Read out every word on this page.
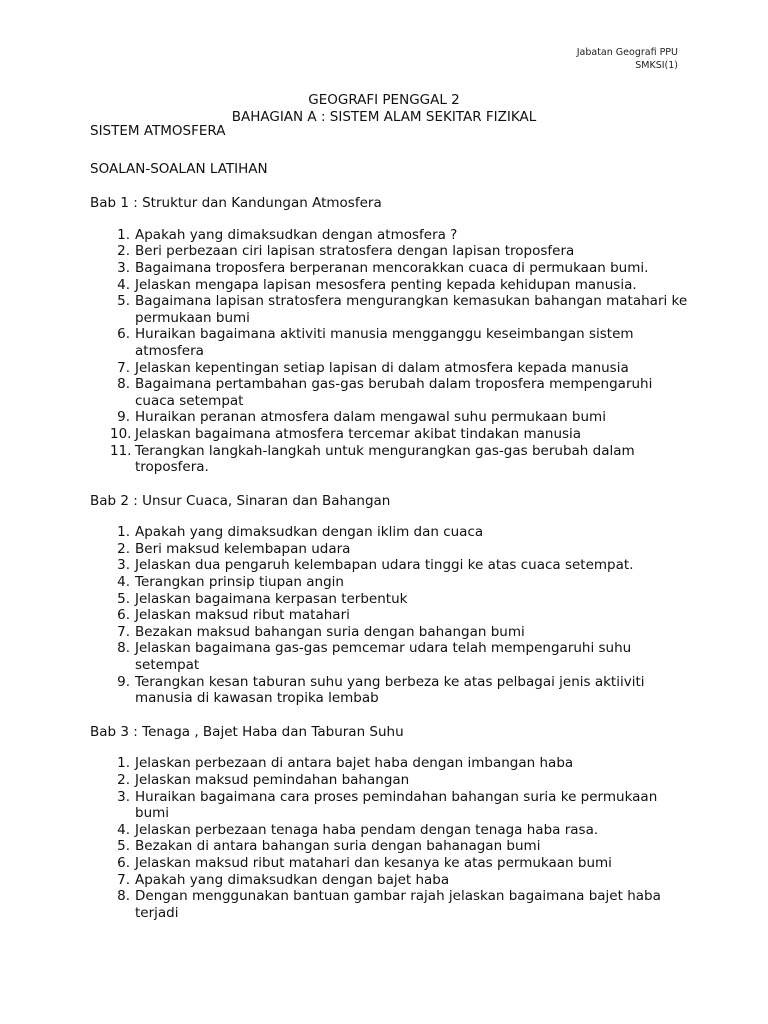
Jabatan Geografi PPU
SMKSI(1)
GEOGRAFI PENGGAL 2
BAHAGIAN A : SISTEM ALAM SEKITAR FIZIKAL
SISTEM ATMOSFERA
SOALAN-SOALAN LATIHAN
Bab 1 : Struktur dan Kandungan Atmosfera
1. Apakah yang dimaksudkan dengan atmosfera ?
2. Beri perbezaan ciri lapisan stratosfera dengan lapisan troposfera
3. Bagaimana troposfera berperanan mencorakkan cuaca di permukaan bumi.
4. Jelaskan mengapa lapisan mesosfera penting kepada kehidupan manusia.
5. Bagaimana lapisan stratosfera mengurangkan kemasukan bahangan matahari ke permukaan bumi
6. Huraikan bagaimana aktiviti manusia mengganggu keseimbangan sistem atmosfera
7. Jelaskan kepentingan setiap lapisan di dalam atmosfera kepada manusia
8. Bagaimana pertambahan gas-gas berubah dalam troposfera mempengaruhi cuaca setempat
9. Huraikan peranan atmosfera dalam mengawal suhu permukaan bumi
10. Jelaskan bagaimana atmosfera tercemar akibat tindakan manusia
11. Terangkan langkah-langkah untuk mengurangkan gas-gas berubah dalam troposfera.
Bab 2 : Unsur Cuaca, Sinaran dan Bahangan
1. Apakah yang dimaksudkan dengan iklim dan cuaca
2. Beri maksud kelembapan udara
3. Jelaskan dua pengaruh kelembapan udara tinggi ke atas cuaca setempat.
4. Terangkan prinsip tiupan angin
5. Jelaskan bagaimana kerpasan terbentuk
6. Jelaskan maksud ribut matahari
7. Bezakan maksud bahangan suria dengan bahangan bumi
8. Jelaskan bagaimana gas-gas pemcemar udara telah mempengaruhi suhu setempat
9. Terangkan kesan taburan suhu yang berbeza ke atas pelbagai jenis aktiiviti manusia di kawasan tropika lembab
Bab 3 : Tenaga , Bajet Haba dan Taburan Suhu
1. Jelaskan perbezaan di antara bajet haba dengan imbangan haba
2. Jelaskan maksud pemindahan bahangan
3. Huraikan bagaimana cara proses pemindahan bahangan suria ke permukaan bumi
4. Jelaskan perbezaan tenaga haba pendam dengan tenaga haba rasa.
5. Bezakan di antara bahangan suria dengan bahanagan bumi
6. Jelaskan maksud ribut matahari dan kesanya ke atas permukaan bumi
7. Apakah yang dimaksudkan dengan bajet haba
8. Dengan menggunakan bantuan gambar rajah jelaskan bagaimana bajet haba terjadi
